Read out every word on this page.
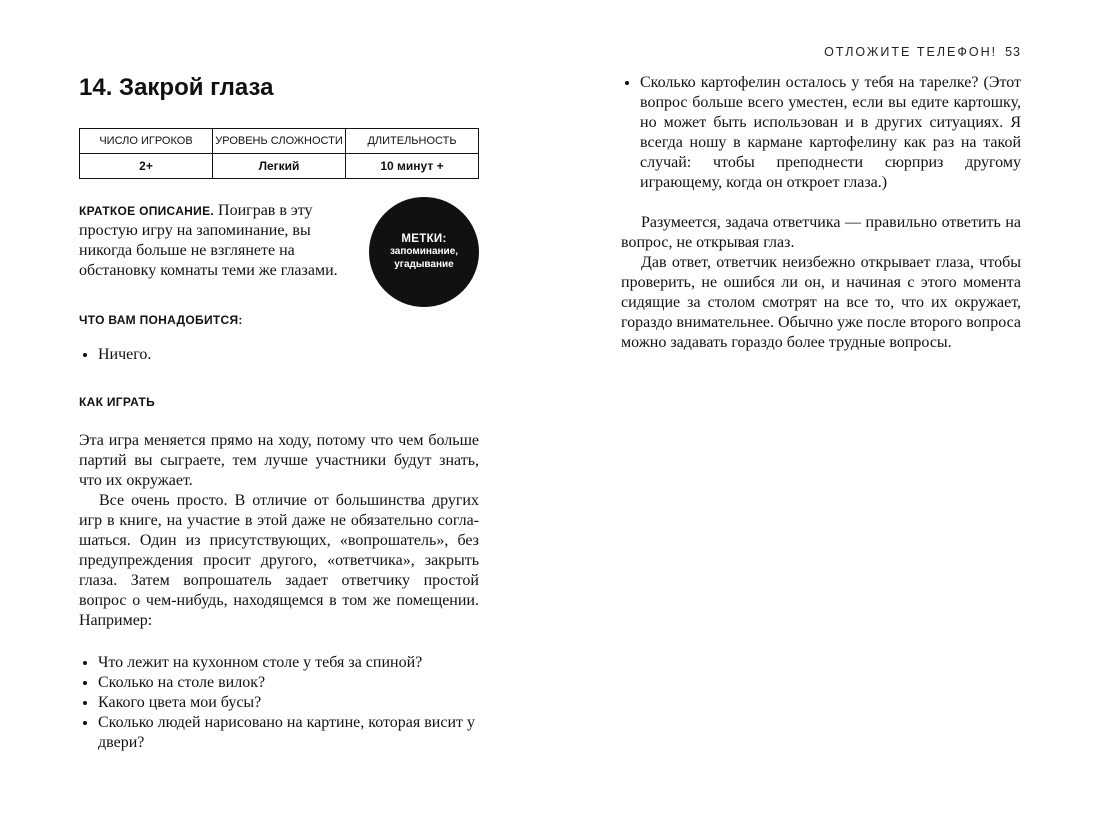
ОТЛОЖИТЕ ТЕЛЕФОН! 53
14. Закрой глаза
ЧИСЛО ИГРОКОВ	УРОВЕНЬ СЛОЖНОСТИ	ДЛИТЕЛЬНОСТЬ
2+	Легкий	10 минут +
КРАТКОЕ ОПИСАНИЕ. Поиграв в эту простую игру на запоминание, вы никогда больше не взглянете на обстановку комнаты теми же глазами.
МЕТКИ:
запоминание, угадывание
ЧТО ВАМ ПОНАДОБИТСЯ:
• Ничего.
КАК ИГРАТЬ

Эта игра меняется прямо на ходу, потому что чем больше партий вы сыграете, тем лучше участники будут знать, что их окружает.

Все очень просто. В отличие от большинства других игр в книге, на участие в этой даже не обязательно соглашаться. Один из присутствующих, «вопрошатель», без предупреждения просит другого, «ответчика», закрыть глаза. Затем вопрошатель задает ответчику простой вопрос о чем-нибудь, находящемся в том же помещении. Например:

• Что лежит на кухонном столе у тебя за спиной?
• Сколько на столе вилок?
• Какого цвета мои бусы?
• Сколько людей нарисовано на картине, которая висит у двери?
• Сколько картофелин осталось у тебя на тарелке? (Этот вопрос больше всего уместен, если вы едите картошку, но может быть использован и в других ситуациях. Я всегда ношу в кармане картофелину как раз на такой случай: чтобы преподнести сюрприз другому играющему, когда он откроет глаза.)

Разумеется, задача ответчика — правильно ответить на вопрос, не открывая глаз.

Дав ответ, ответчик неизбежно открывает глаза, чтобы проверить, не ошибся ли он, и начиная с этого момента сидящие за столом смотрят на все то, что их окружает, гораздо внимательнее. Обычно уже после второго вопроса можно задавать гораздо более трудные вопросы.
